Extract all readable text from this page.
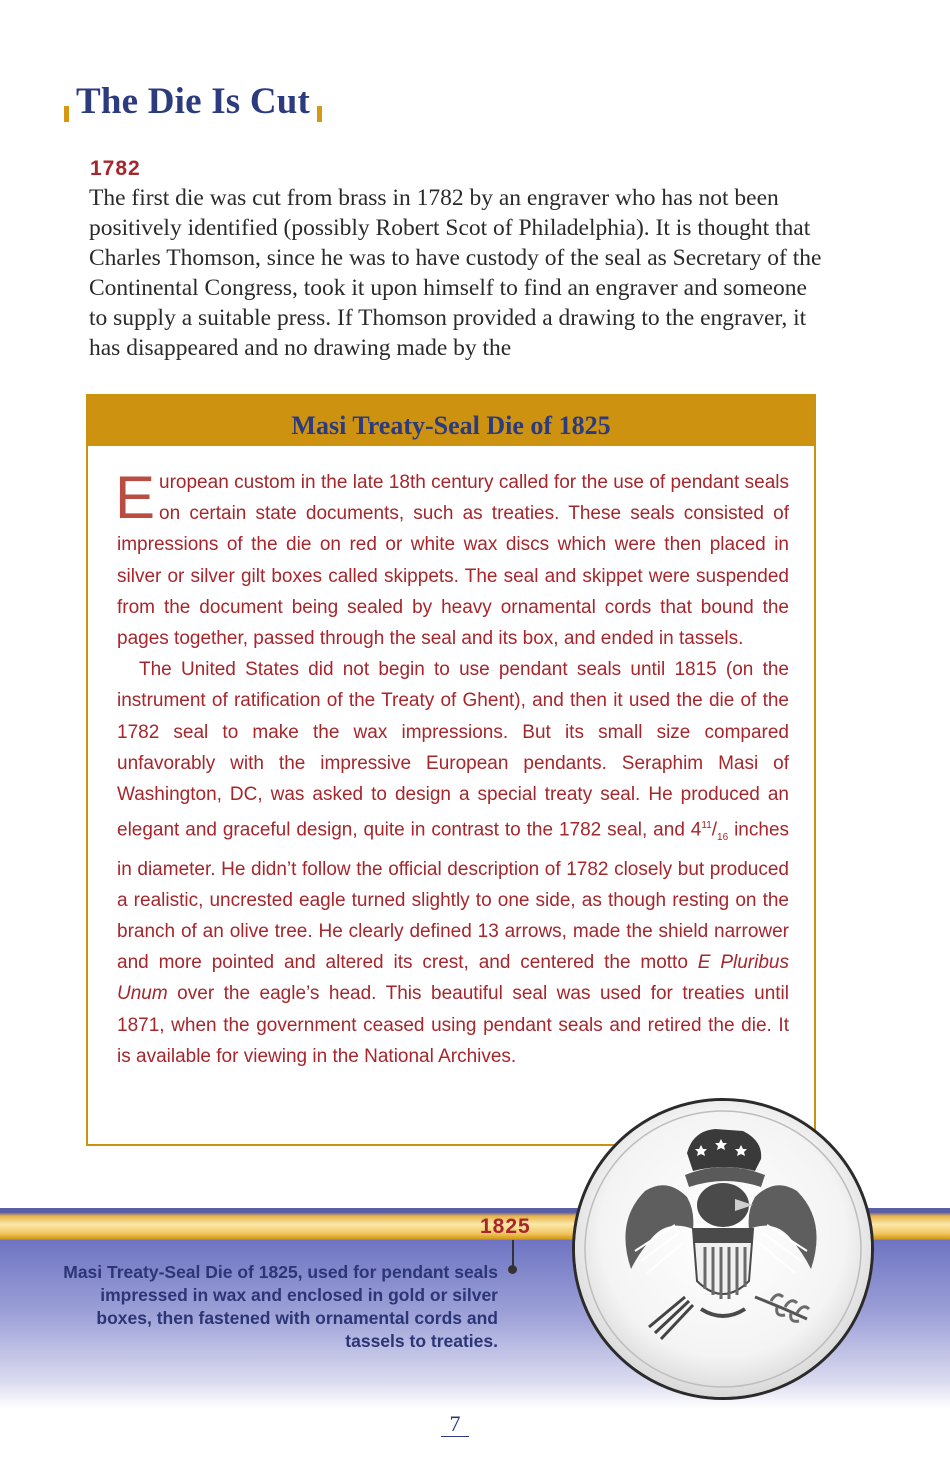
The Die Is Cut
1782

The first die was cut from brass in 1782 by an engraver who has not been positively identified (possibly Robert Scot of Philadelphia). It is thought that Charles Thomson, since he was to have custody of the seal as Secretary of the Continental Congress, took it upon himself to find an engraver and someone to supply a suitable press. If Thomson provided a drawing to the engraver, it has disappeared and no drawing made by the

Masi Treaty-Seal Die of 1825

European custom in the late 18th century called for the use of pendant seals on certain state documents, such as treaties. These seals consisted of impressions of the die on red or white wax discs which were then placed in silver or silver gilt boxes called skippets. The seal and skippet were suspended from the document being sealed by heavy ornamental cords that bound the pages together, passed through the seal and its box, and ended in tassels.

The United States did not begin to use pendant seals until 1815 (on the instrument of ratification of the Treaty of Ghent), and then it used the die of the 1782 seal to make the wax impressions. But its small size compared unfavorably with the impressive European pendants. Seraphim Masi of Washington, DC, was asked to design a special treaty seal. He produced an elegant and graceful design, quite in contrast to the 1782 seal, and $4^{11}/_{16}$ inches in diameter. He didn’t follow the official description of 1782 closely but produced a realistic, uncrested eagle turned slightly to one side, as though resting on the branch of an olive tree. He clearly defined 13 arrows, made the shield narrower and more pointed and altered its crest, and centered the motto E Pluribus Unum over the eagle’s head. This beautiful seal was used for treaties until 1871, when the government ceased using pendant seals and retired the die. It is available for viewing in the National Archives.

1825

Masi Treaty-Seal Die of 1825, used for pendant seals impressed in wax and enclosed in gold or silver boxes, then fastened with ornamental cords and tassels to treaties.

7
